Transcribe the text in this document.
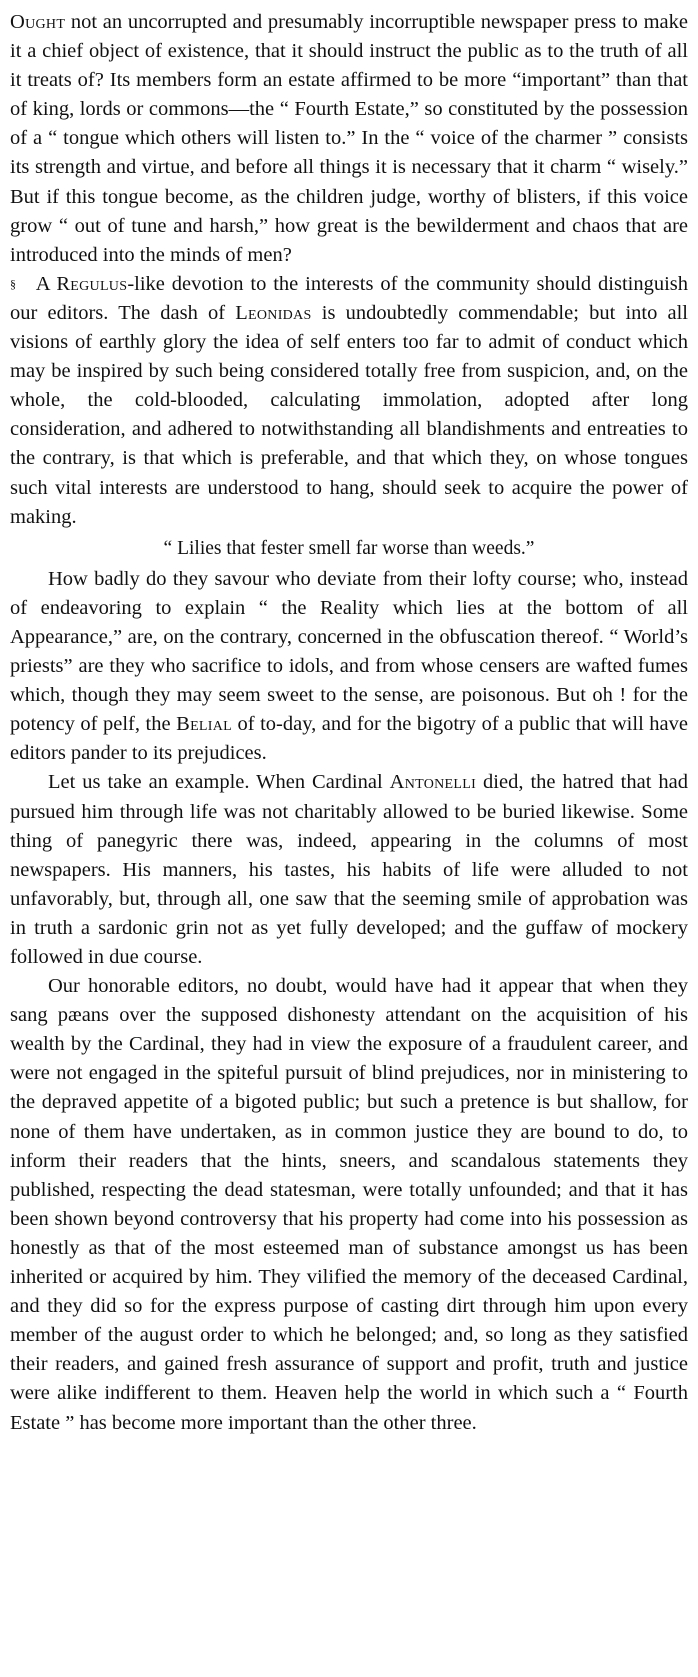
Ought not an uncorrupted and presumably incorruptible newspaper press to make it a chief object of existence, that it should instruct the public as to the truth of all it treats of? Its members form an estate affirmed to be more “important” than that of king, lords or commons—the “ Fourth Estate,” so constituted by the possession of a “ tongue which others will listen to.” In the “ voice of the charmer ” consists its strength and virtue, and before all things it is necessary that it charm “ wisely.” But if this tongue become, as the children judge, worthy of blisters, if this voice grow “ out of tune and harsh,” how great is the bewilderment and chaos that are introduced into the minds of men?

§ A Regulus-like devotion to the interests of the community should distinguish our editors. The dash of Leonidas is undoubtedly commendable; but into all visions of earthly glory the idea of self enters too far to admit of conduct which may be inspired by such being considered totally free from suspicion, and, on the whole, the cold-blooded, calculating immolation, adopted after long consideration, and adhered to notwithstanding all blandishments and entreaties to the contrary, is that which is preferable, and that which they, on whose tongues such vital interests are understood to hang, should seek to acquire the power of making.

“ Lilies that fester smell far worse than weeds.”

How badly do they savour who deviate from their lofty course; who, instead of endeavoring to explain “ the Reality which lies at the bottom of all Appearance,” are, on the contrary, concerned in the obfuscation thereof. “ World’s priests” are they who sacrifice to idols, and from whose censers are wafted fumes which, though they may seem sweet to the sense, are poisonous. But oh ! for the potency of pelf, the Belial of to-day, and for the bigotry of a public that will have editors pander to its prejudices.

Let us take an example. When Cardinal Antonelli died, the hatred that had pursued him through life was not charitably allowed to be buried likewise. Some thing of panegyric there was, indeed, appearing in the columns of most newspapers. His manners, his tastes, his habits of life were alluded to not unfavorably, but, through all, one saw that the seeming smile of approbation was in truth a sardonic grin not as yet fully developed; and the guffaw of mockery followed in due course.

Our honorable editors, no doubt, would have had it appear that when they sang pæans over the supposed dishonesty attendant on the acquisition of his wealth by the Cardinal, they had in view the exposure of a fraudulent career, and were not engaged in the spiteful pursuit of blind prejudices, nor in ministering to the depraved appetite of a bigoted public; but such a pretence is but shallow, for none of them have undertaken, as in common justice they are bound to do, to inform their readers that the hints, sneers, and scandalous statements they published, respecting the dead statesman, were totally unfounded; and that it has been shown beyond controversy that his property had come into his possession as honestly as that of the most esteemed man of substance amongst us has been inherited or acquired by him. They vilified the memory of the deceased Cardinal, and they did so for the express purpose of casting dirt through him upon every member of the august order to which he belonged; and, so long as they satisfied their readers, and gained fresh assurance of support and profit, truth and justice were alike indifferent to them. Heaven help the world in which such a “ Fourth Estate ” has become more important than the other three.
